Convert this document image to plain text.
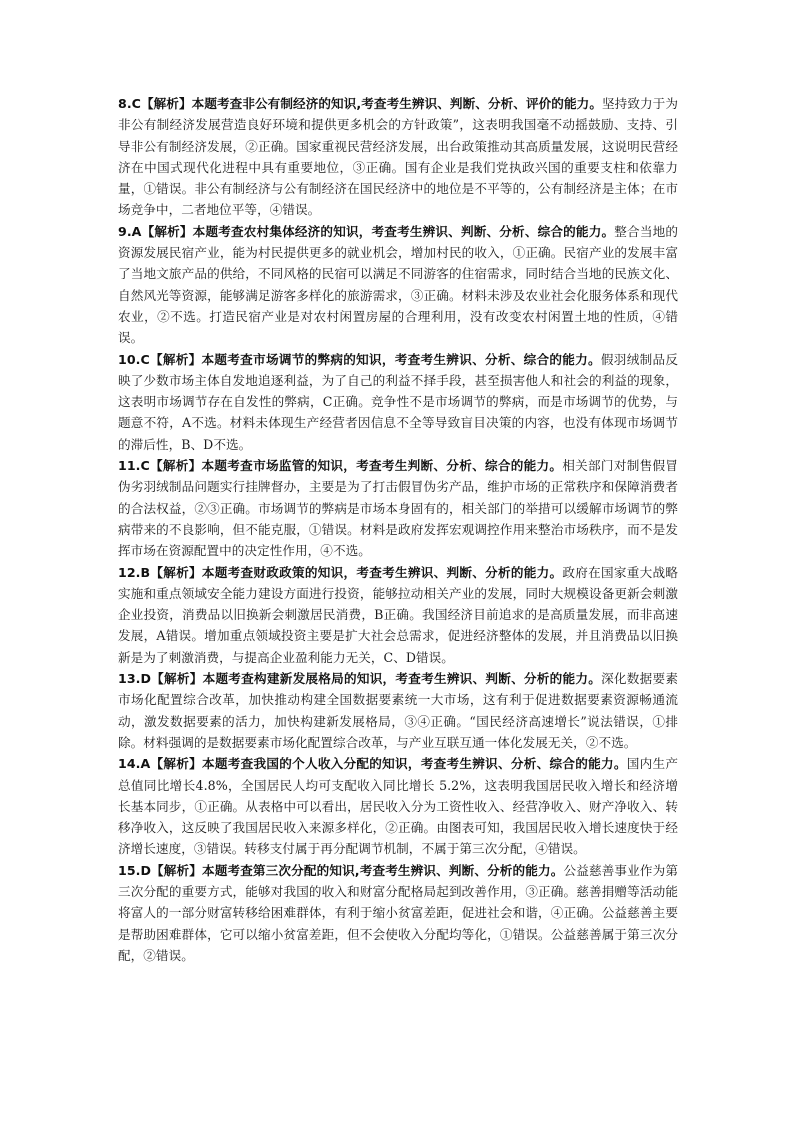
8.C【解析】本题考查非公有制经济的知识,考查考生辨识、判断、分析、评价的能力。坚持致力于为非公有制经济发展营造良好环境和提供更多机会的方针政策”，这表明我国毫不动摇鼓励、支持、引导非公有制经济发展，②正确。国家重视民营经济发展，出台政策推动其高质量发展，这说明民营经济在中国式现代化进程中具有重要地位，③正确。国有企业是我们党执政兴国的重要支柱和依靠力量，①错误。非公有制经济与公有制经济在国民经济中的地位是不平等的，公有制经济是主体；在市场竞争中，二者地位平等，④错误。

9.A【解析】本题考查农村集体经济的知识，考查考生辨识、判断、分析、综合的能力。整合当地的资源发展民宿产业，能为村民提供更多的就业机会，增加村民的收入，①正确。民宿产业的发展丰富了当地文旅产品的供给，不同风格的民宿可以满足不同游客的住宿需求，同时结合当地的民族文化、自然风光等资源，能够满足游客多样化的旅游需求，③正确。材料未涉及农业社会化服务体系和现代农业，②不选。打造民宿产业是对农村闲置房屋的合理利用，没有改变农村闲置土地的性质，④错误。

10.C【解析】本题考查市场调节的弊病的知识，考查考生辨识、分析、综合的能力。假羽绒制品反映了少数市场主体自发地追逐利益，为了自己的利益不择手段，甚至损害他人和社会的利益的现象，这表明市场调节存在自发性的弊病，C正确。竞争性不是市场调节的弊病，而是市场调节的优势，与题意不符，A不选。材料未体现生产经营者因信息不全等导致盲目决策的内容，也没有体现市场调节的滞后性，B、D不选。

11.C【解析】本题考查市场监管的知识，考查考生判断、分析、综合的能力。相关部门对制售假冒伪劣羽绒制品问题实行挂牌督办，主要是为了打击假冒伪劣产品，维护市场的正常秩序和保障消费者的合法权益，②③正确。市场调节的弊病是市场本身固有的，相关部门的举措可以缓解市场调节的弊病带来的不良影响，但不能克服，①错误。材料是政府发挥宏观调控作用来整治市场秩序，而不是发挥市场在资源配置中的决定性作用，④不选。

12.B【解析】本题考查财政政策的知识，考查考生辨识、判断、分析的能力。政府在国家重大战略实施和重点领域安全能力建设方面进行投资，能够拉动相关产业的发展，同时大规模设备更新会刺激企业投资，消费品以旧换新会刺激居民消费，B正确。我国经济目前追求的是高质量发展，而非高速发展，A错误。增加重点领域投资主要是扩大社会总需求，促进经济整体的发展，并且消费品以旧换新是为了刺激消费，与提高企业盈利能力无关，C、D错误。

13.D【解析】本题考查构建新发展格局的知识，考查考生辨识、判断、分析的能力。深化数据要素市场化配置综合改革，加快推动构建全国数据要素统一大市场，这有利于促进数据要素资源畅通流动，激发数据要素的活力，加快构建新发展格局，③④正确。“国民经济高速增长”说法错误，①排除。材料强调的是数据要素市场化配置综合改革，与产业互联互通一体化发展无关，②不选。

14.A【解析】本题考查我国的个人收入分配的知识，考查考生辨识、分析、综合的能力。国内生产总值同比增长4.8%，全国居民人均可支配收入同比增长 5.2%，这表明我国居民收入增长和经济增长基本同步，①正确。从表格中可以看出，居民收入分为工资性收入、经营净收入、财产净收入、转移净收入，这反映了我国居民收入来源多样化，②正确。由图表可知，我国居民收入增长速度快于经济增长速度，③错误。转移支付属于再分配调节机制，不属于第三次分配，④错误。

15.D【解析】本题考查第三次分配的知识,考查考生辨识、判断、分析的能力。公益慈善事业作为第三次分配的重要方式，能够对我国的收入和财富分配格局起到改善作用，③正确。慈善捐赠等活动能将富人的一部分财富转移给困难群体，有利于缩小贫富差距，促进社会和谐，④正确。公益慈善主要是帮助困难群体，它可以缩小贫富差距，但不会使收入分配均等化，①错误。公益慈善属于第三次分配，②错误。
